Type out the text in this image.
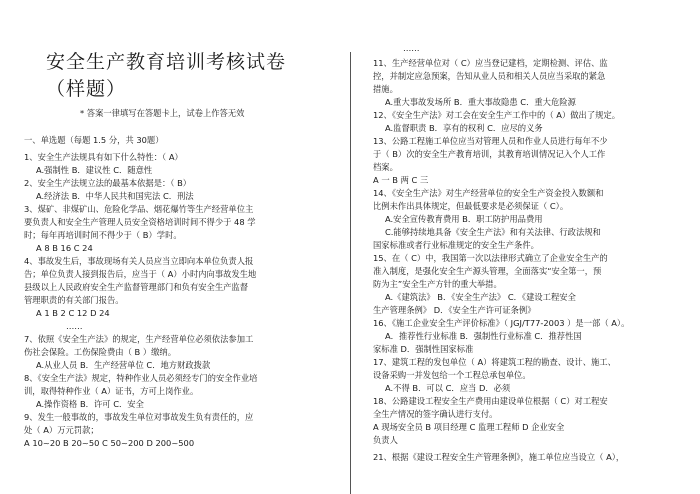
安全生产教育培训考核试卷（样题）
* 答案一律填写在答题卡上，试卷上作答无效
一、单选题（每题 1.5 分，共 30题）
1、安全生产法规具有如下什么特性：（ A）
A.强制性 B．建议性 C．随意性
2、安全生产法规立法的最基本依据是：（ B）
A.经济法 B．中华人民共和国宪法 C．刑法
3、煤矿、非煤矿山、危险化学品、烟花爆竹等生产经营单位主
要负责人和安全生产管理人员安全资格培训时间不得少于 48 学
时；每年再培训时间不得少于（ B）学时。
A 8 B 16 C 24
4、事故发生后，事故现场有关人员应当立即向本单位负责人报
告；单位负责人接到报告后，应当于（ A）小时内向事故发生地
县级以上人民政府安全生产监督管理部门和负有安全生产监督
管理职责的有关部门报告。
A 1 B 2 C 12 D 24
……
7、依照《安全生产法》的规定，生产经营单位必须依法参加工
伤社会保险。工伤保险费由（ B ）缴纳。
A.从业人员 B．生产经营单位 C．地方财政拨款
8、《安全生产法》规定，特种作业人员必须经专门的安全作业培
训，取得特种作业（ A）证书，方可上岗作业。
A.操作资格 B．许可 C．安全
9、发生一般事故的，事故发生单位对事故发生负有责任的，应
处（ A）万元罚款；
A 10~20 B 20~50 C 50~200 D 200~500
……
11、生产经营单位对（ C）应当登记建档，定期检测、评估、监
控，并制定应急预案，告知从业人员和相关人员应当采取的紧急
措施。
A.重大事故发场所 B．重大事故隐患 C．重大危险源
12、《安全生产法》对工会在安全生产工作中的（ A）做出了规定。
A.监督职责 B．享有的权利 C．应尽的义务
13、公路工程施工单位应当对管理人员和作业人员进行每年不少
于（ B）次的安全生产教育培训，其教育培训情况记入个人工作
档案。
A 一 B 两 C 三
14、《安全生产法》对生产经营单位的安全生产资金投入数额和
比例未作出具体规定，但最低要求是必须保证（ C）。
A.安全宣传教育费用 B．职工防护用品费用
C.能够持续地具备《安全生产法》和有关法律、行政法规和
国家标准或者行业标准规定的安全生产条件。
15、在（ C）中，我国第一次以法律形式确立了企业安全生产的
准入制度，是强化安全生产源头管理，全面落实“安全第一，预
防为主”安全生产方针的重大举措。
A.《建筑法》 B．《安全生产法》 C．《建设工程安全
生产管理条例》 D．《安全生产许可证条例》
16、《施工企业安全生产评价标准》（ JGJ/T77-2003 ）是一部（ A）。
A．推荐性行业标准 B．强制性行业标准 C．推荐性国
家标准 D．强制性国家标准
17、建筑工程的发包单位（ A）将建筑工程的勘查、设计、施工、
设备采购一并发包给一个工程总承包单位。
A.不得 B．可以 C．应当 D．必须
18、公路建设工程安全生产费用由建设单位根据（ C）对工程安
全生产情况的签字确认进行支付。
A 现场安全员 B 项目经理 C 监理工程师 D 企业安全
负责人
21、根据《建设工程安全生产管理条例》，施工单位应当设立（ A），
